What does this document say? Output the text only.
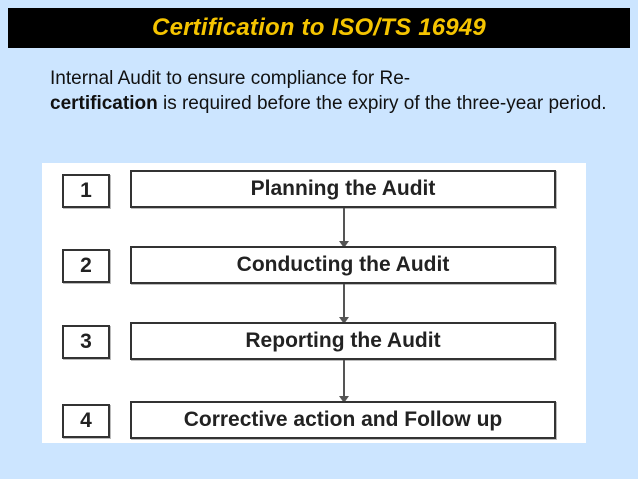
Certification to ISO/TS 16949
Internal Audit to ensure compliance for Re-
certification is required before the expiry of the three-year period.
1	Planning the Audit
2	Conducting the Audit
3	Reporting the Audit
4	Corrective action and Follow up
